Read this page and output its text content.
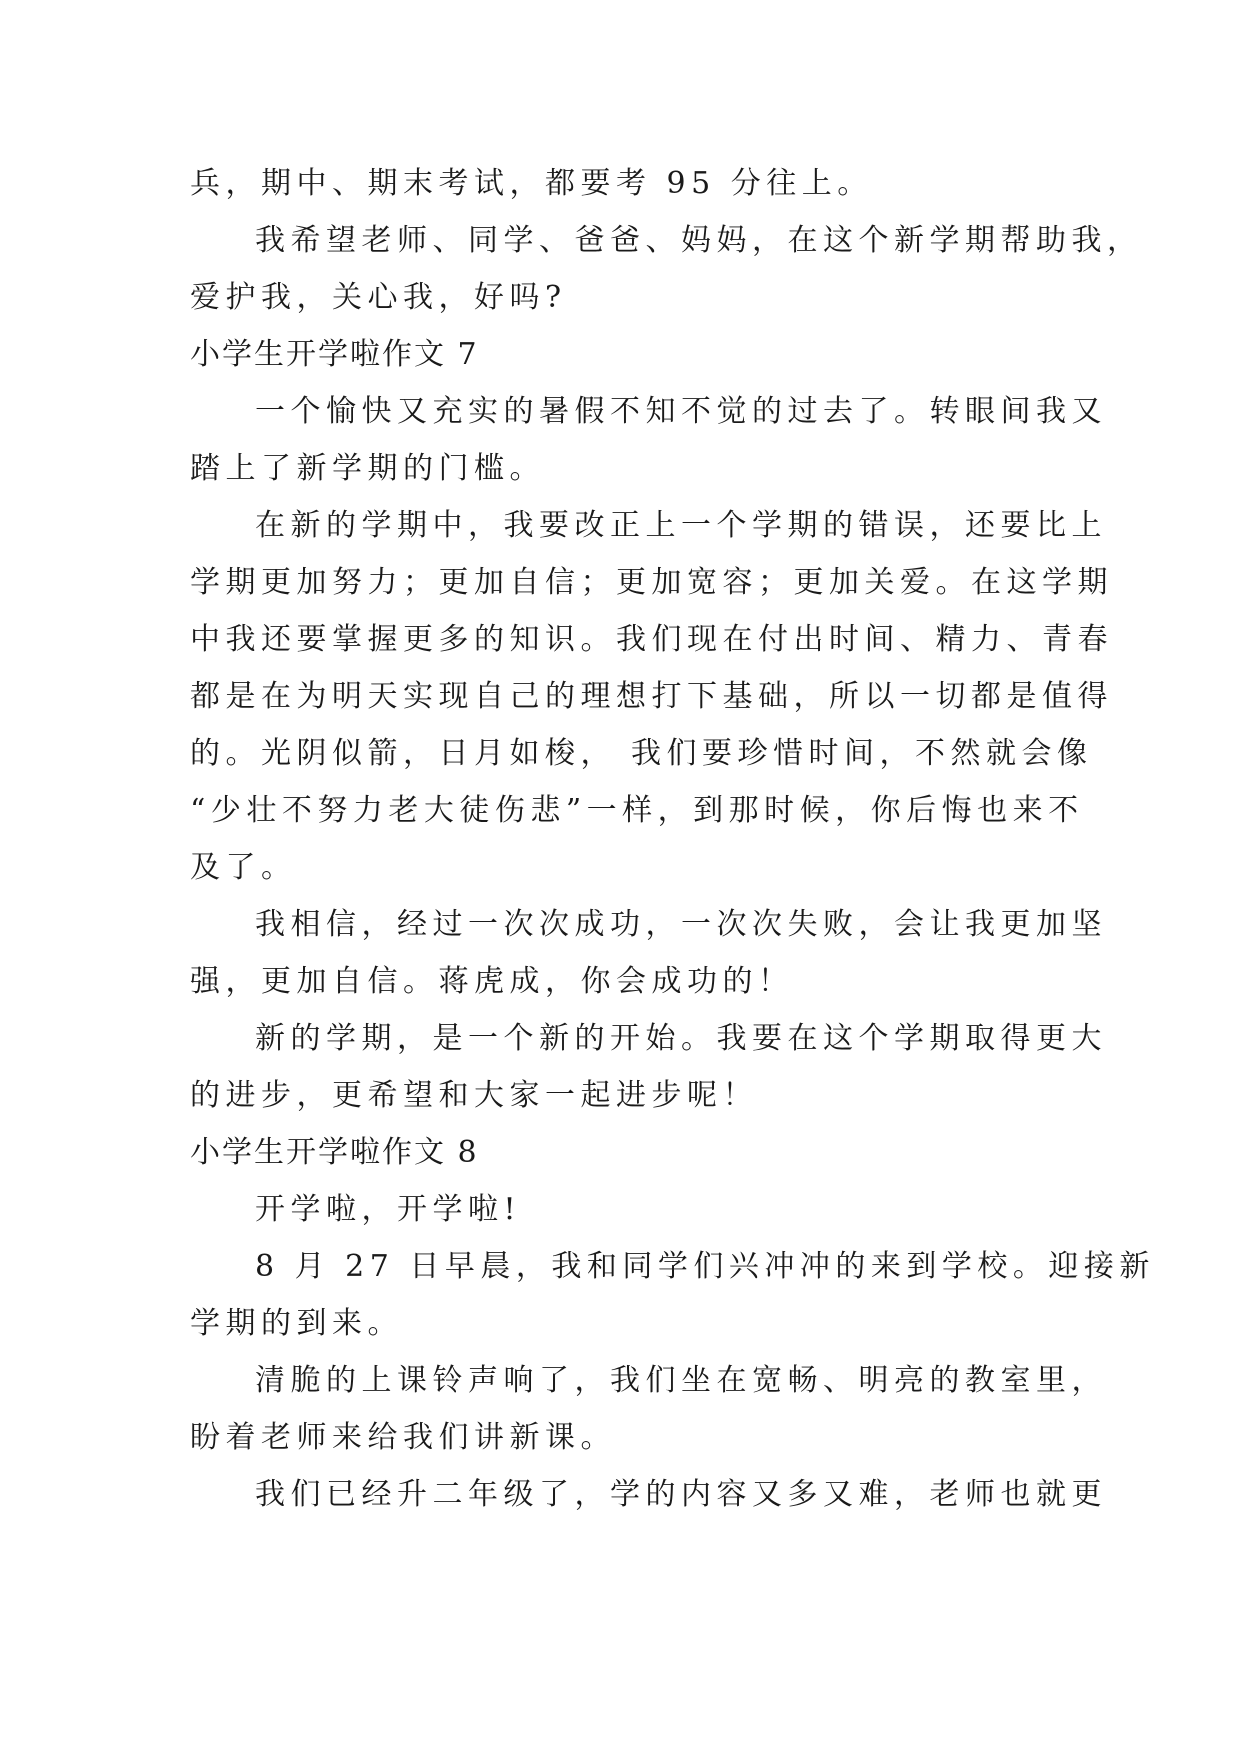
兵，期中、期末考试，都要考 95 分往上。

我希望老师、同学、爸爸、妈妈，在这个新学期帮助我，

爱护我，关心我，好吗?

小学生开学啦作文 7

一个愉快又充实的暑假不知不觉的过去了。转眼间我又

踏上了新学期的门槛。

在新的学期中，我要改正上一个学期的错误，还要比上

学期更加努力；更加自信；更加宽容；更加关爱。在这学期

中我还要掌握更多的知识。我们现在付出时间、精力、青春

都是在为明天实现自己的理想打下基础，所以一切都是值得

的。光阴似箭，日月如梭， 我们要珍惜时间，不然就会像

“少壮不努力老大徒伤悲”一样，到那时候，你后悔也来不

及了。

我相信，经过一次次成功，一次次失败，会让我更加坚

强，更加自信。蒋虎成，你会成功的！

新的学期，是一个新的开始。我要在这个学期取得更大

的进步，更希望和大家一起进步呢！

小学生开学啦作文 8

开学啦，开学啦!

8 月 27 日早晨，我和同学们兴冲冲的来到学校。迎接新

学期的到来。

清脆的上课铃声响了，我们坐在宽畅、明亮的教室里，

盼着老师来给我们讲新课。

我们已经升二年级了，学的内容又多又难，老师也就更
